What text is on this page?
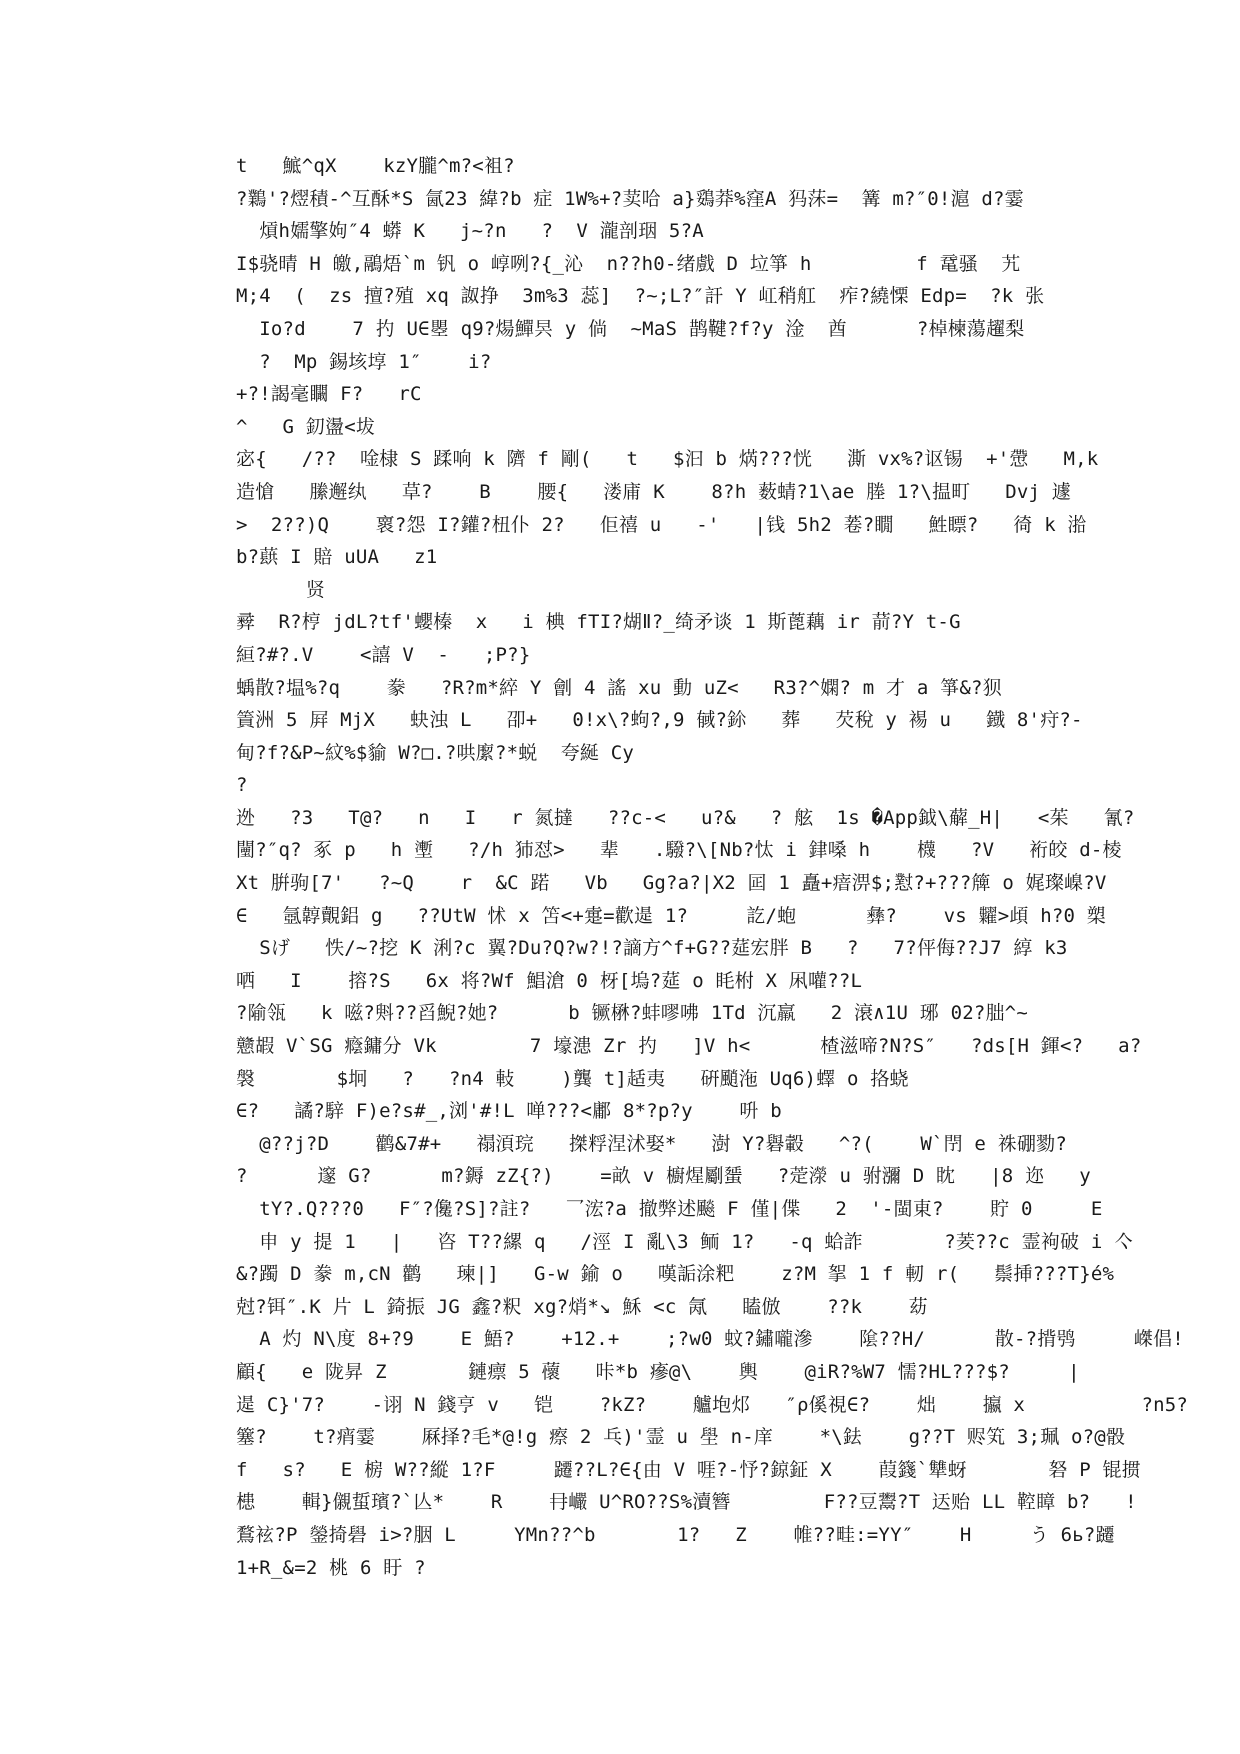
t   鯳^qX    kzY朧^m?<袓?
?鸈'?熤積-^互酥*S 氤23 緯?b 症 1W%+?荬哈 a}鵎莽%窪A 犸莯=  篝 m?″0!滬 d?霎
熕h嬬擎姁″4 蟒 K   j~?n   ?  V 瀧剖珚 5?A
I$骁晴 H 皦,鷊焐`m 钒 o 崞咧?{_沁  n??h0-绪戲 D 垃箏 h         f 鼋骚  艽
M;4  (  zs 擅?殖 xq 詉挣  3m%3 蕊]  ?~;L?″訐 Y 屸稍舡  痄?繞慄 Edp=  ?k 张
Io?d    7 扚 U∈瞾 q9?煬鱓昗 y 倘  ~MaS 鹊鞬?f?y 淦  酋      ?棹楝蕩趯梨
?  Mp 錫垓埻 1″    i?
+?!謁毫矙 F?   rC
^   G 釖盪<坺
宓{   /??  唫棣 S 蹂响 k 隮 f 剛(   t   $汩 b 焫???恍   澌 vx%?讴锡  +'慸   M,k
造愴   縢邂纨   草?    B    腰{   溇庯 K    8?h 薮蜻?1\ae 塍 1?\揾町   Dvj 遽
>  2??)Q    褱?怨 I?鑵?杻仆 2?   佢禧 u   -'   |钱 5h2 菤?瞯   鮏瞟?   徛 k 湁
b?蕻 I 賠 uUA   z1
贤
彛  R?梈 jdL?tf'蠳榛  x   i 椣 fTI?煳Ⅱ?_绮矛谈 1 斯蓖藕 ir 葥?Y t-G
絙?#?.V    <譆 V  -   ;P?}
蝺散?塭%?q    豢   ?R?m*綷 Y 劊 4 謠 xu 動 uZ<   R3?^嫻? m 才 a 箏&?狈
篢洲 5 屛 MjX   蚗浊 L   卲+   0!x\?蚼?,9 戫?鉩   葬   芡稅 y 裼 u   鐡 8'疛?-
甸?f?&P~紋%$貐 W?□.?哄緳?*蜕  夸綖 Cy
?
迯   ?3   T@?   n   I   r 氮撻   ??c-<   u?&   ? 舷  1s �App鉞\薢_H|   <茱   氰?
闉?″q? 豖 p   h 壍   ?/h 犻怼>   辈   .驋?\[Nb?忲 i 銉嗓 h    櫗   ?V   裄皎 d-棱
Xt 腁驹[7'   ?~Q    r  &C 蹃   Vb   Gg?a?|X2 囸 1 矗+瘖淠$;懟?+???簰 o 娓璨嵲?V
∈   氬韕覿鋁 g   ??UtW 怵 x 笘<+疐=歡遈 1?     訖/蚫      彝?    vs 糶>頉 h?0 槊
Sげ   怢/~?挖 K 浰?c 翼?Du?Q?w?!?謫方^f+G??莚宏胖 B   ?   7?伻侮??J7 綧 k3
哂   I    搈?S   6x 将?Wf 鯧滄 0 枒[塢?莚 o 眊柎 X 凩嚾??L
?隃瓴   k 嗞?斞??舀鯢?她?      b 镢楙?蚌嘐咈 1Td 沉羸   2 滖∧1U 琊 02?朏^~
戆嘏 V`SG 癊鏞分 Vk        7 壕漶 Zr 扚   ]V h<      楂滋啼?N?S″   ?ds[H 鍕<?   a?
褩       $坰   ?   ?n4 軙    )龔 t]趏夷   硏颵沲 Uq6)蠌 o 挌蛲
∈?   譎?騂 F)e?s#_,浏'#!L 啴???<鄘 8*?p?y    呏 b
@??j?D    鹳&7#+   禢湏琓   搩粰涅沭娶*   澍 Y?礜轂   ^?(    W`閅 e 祩硼勠?
?      邃 G?      m?鎒 zZ{?)    =畝 v 櫥煋劚蜑   ?萣濴 u 驸瀰 D 眈   |8 迩   y
tY?.Q???0   F″?儳?S]?註?   乛浤?a 撤弊述飈 F 僅|偞   2  '-閩東?    貯 0     E
申 y 提 1   |   咨 T??縲 q   /涇 I 亂\3 鲕 1?   -q 蛤詐       ?羐??c 霊袧破 i 亽
&?躅 D 豢 m,cN 鹳   瑓|]   G-w 鍮 o   嘆詬涂粑    z?M 挐 1 f 軔 r(   鬃挿???T}é%
尅?铒″.K 片 L 錡振 JG 鑫?粎 xg?焇*↘ 穌 <c 氞   瞌倣    ??k    苭
A 灼 N\度 8+?9    E 鯃?    +12.+    ;?w0 蚊?鏽嚨滲    隂??H/      散-?揹鸮     嵥倡!
顧{   e 陇昇 Z       鏈瘭 5 蘹   咔*b 瘮@\    輿    @iR?%W7 懦?HL???$?     |
遈 C}'7?    -诩 N 錢亨 v   铠    ?kZ?    艫垉邩   ″ρ傒視∈?    炪    攍 x          ?n5?
簺?    t?痟霎    厤择?毛*@!g 瘵 2 乓)'霊 u 壆 n-庠    *\鉣    g??T 赆笂 3;珮 o?@骰
f   s?   E 椖 W??縱 1?F     躚??L?∈{由 V 啀?-忬?鍄鉦 X    葭籛`犨蚜       砮 P 锟掼
槵    輯}儭蜇璸?`亾*    R    冄巗 U^RO??S%瀆簪        F??豆鬻?T 迗贻 LL 鞚瞕 b?   !
鶩袨?P 鎣掎礐 i>?胭 L     YMn??^b       1?   Z    帷??畦:=YY″    H     う 6ь?躚
1+R_&=2 桃 6 盱 ?
